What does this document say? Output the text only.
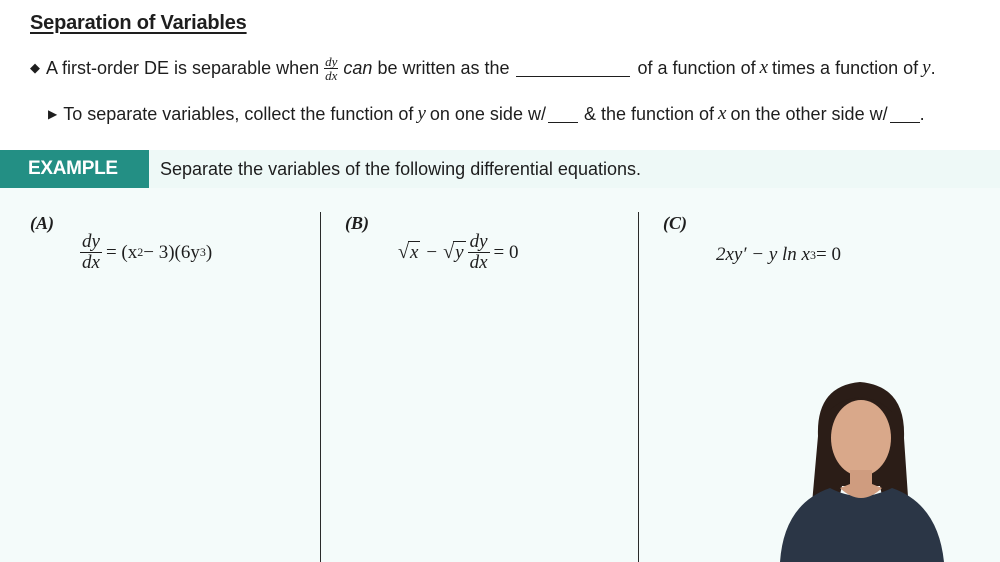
Separation of Variables
◆ A first-order DE is separable when $\frac{dy}{dx}$ can be written as the	of a function of x times a function of y .
▶ To separate variables, collect the function of y on one side w/ & the function of x on the other side w/ .
EXAMPLE	Separate the variables of the following differential equations.
(A)
$\frac{dy}{dx} = (x$ 2 − 3)(6y 3 )
(B)
√ x − √ y $\frac{dy}{dx} = 0$
(C)
2xy′ − y ln x 3 = 0
